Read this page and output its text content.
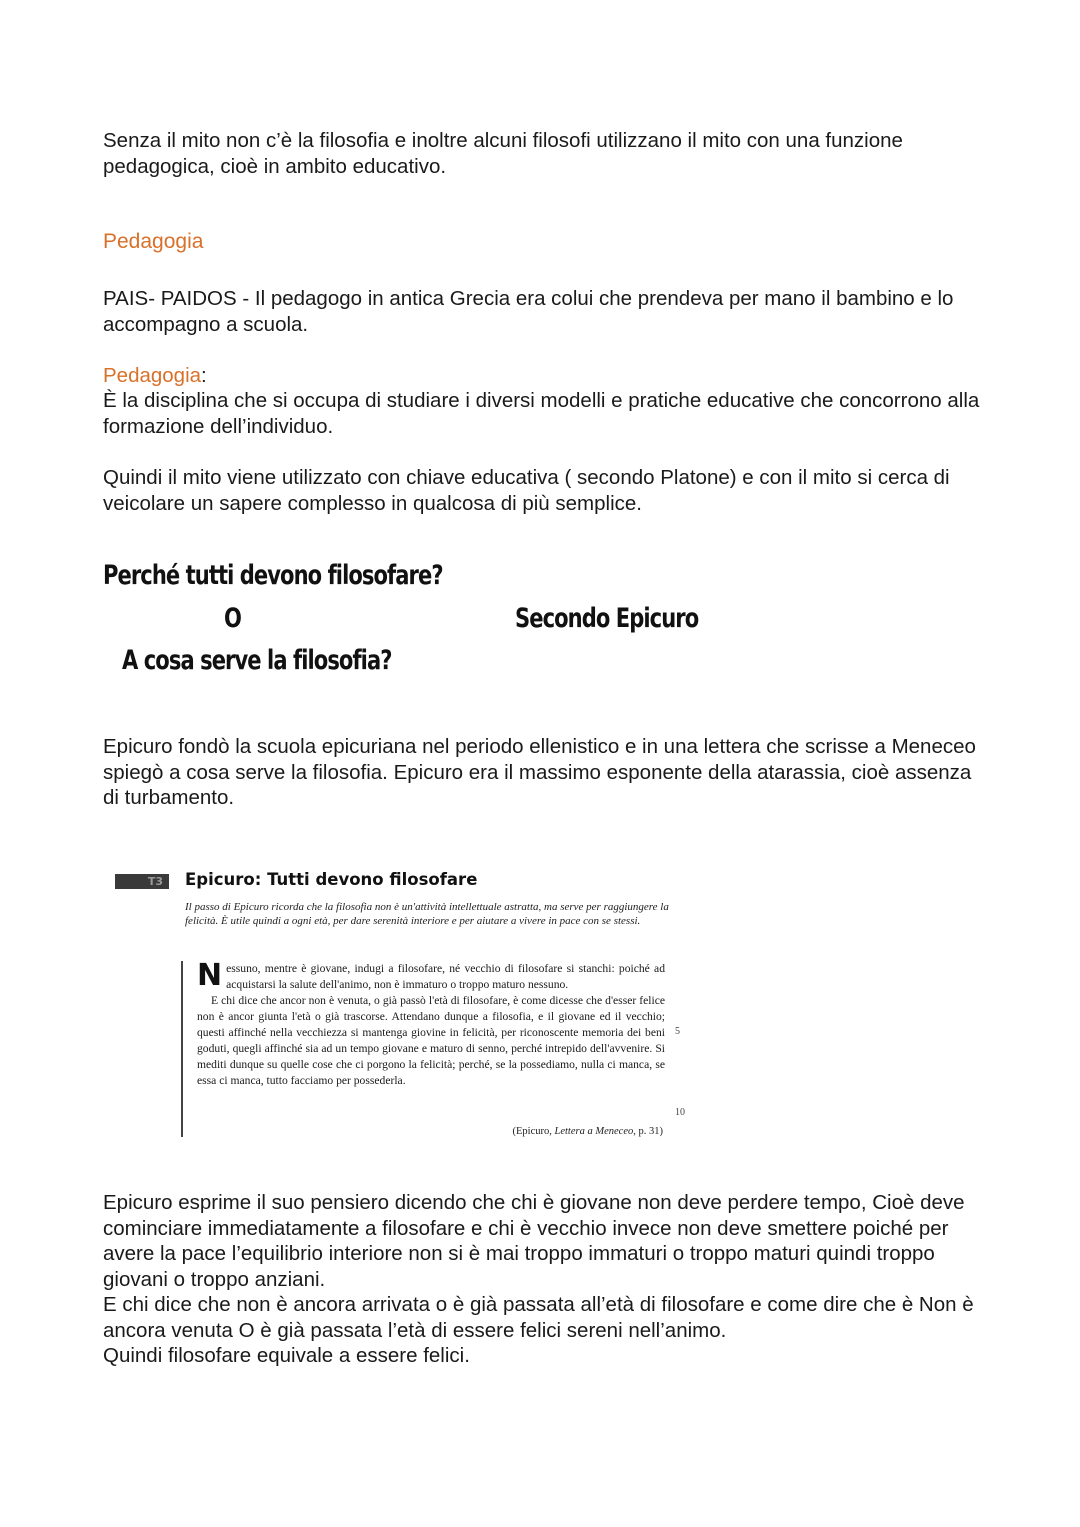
Senza il mito non c’è la filosofia e inoltre alcuni filosofi utilizzano il mito con una funzione pedagogica, cioè in ambito educativo.

Pedagogia

PAIS- PAIDOS - Il pedagogo in antica Grecia era colui che prendeva per mano il bambino e lo accompagno a scuola.

Pedagogia:

È la disciplina che si occupa di studiare i diversi modelli e pratiche educative che concorrono alla formazione dell’individuo.

Quindi il mito viene utilizzato con chiave educativa ( secondo Platone) e con il mito si cerca di veicolare un sapere complesso in qualcosa di più semplice.

Perché tutti devono filosofare?
O	Secondo Epicuro
A cosa serve la filosofia?

Epicuro fondò la scuola epicuriana nel periodo ellenistico e in una lettera che scrisse a Meneceo spiegò a cosa serve la filosofia. Epicuro era il massimo esponente della atarassia, cioè assenza di turbamento.

T3	Epicuro: Tutti devono filosofare
Il passo di Epicuro ricorda che la filosofia non è un'attività intellettuale astratta, ma serve per raggiungere la felicità. È utile quindi a ogni età, per dare serenità interiore e per aiutare a vivere in pace con se stessi.

Nessuno, mentre è giovane, indugi a filosofare, né vecchio di filosofare si stanchi: poiché ad acquistarsi la salute dell'animo, non è immaturo o troppo maturo nessuno.

E chi dice che ancor non è venuta, o già passò l'età di filosofare, è come dicesse che d'esser felice non è ancor giunta l'età o già trascorse. Attendano dunque a filosofia, e il giovane ed il vecchio; questi affinché nella vecchiezza si mantenga giovine in felicità, per riconoscente memoria dei beni goduti, quegli affinché sia ad un tempo giovane e maturo di senno, perché intrepido dell'avvenire. Si mediti dunque su quelle cose che ci porgono la felicità; perché, se la possediamo, nulla ci manca, se essa ci manca, tutto facciamo per possederla.

5
10
(Epicuro, Lettera a Meneceo, p. 31)

Epicuro esprime il suo pensiero dicendo che chi è giovane non deve perdere tempo, Cioè deve cominciare immediatamente a filosofare e chi è vecchio invece non deve smettere poiché per avere la pace l’equilibrio interiore non si è mai troppo immaturi o troppo maturi quindi troppo giovani o troppo anziani.

E chi dice che non è ancora arrivata o è già passata all’età di filosofare e come dire che è Non è ancora venuta O è già passata l’età di essere felici sereni nell’animo.

Quindi filosofare equivale a essere felici.
